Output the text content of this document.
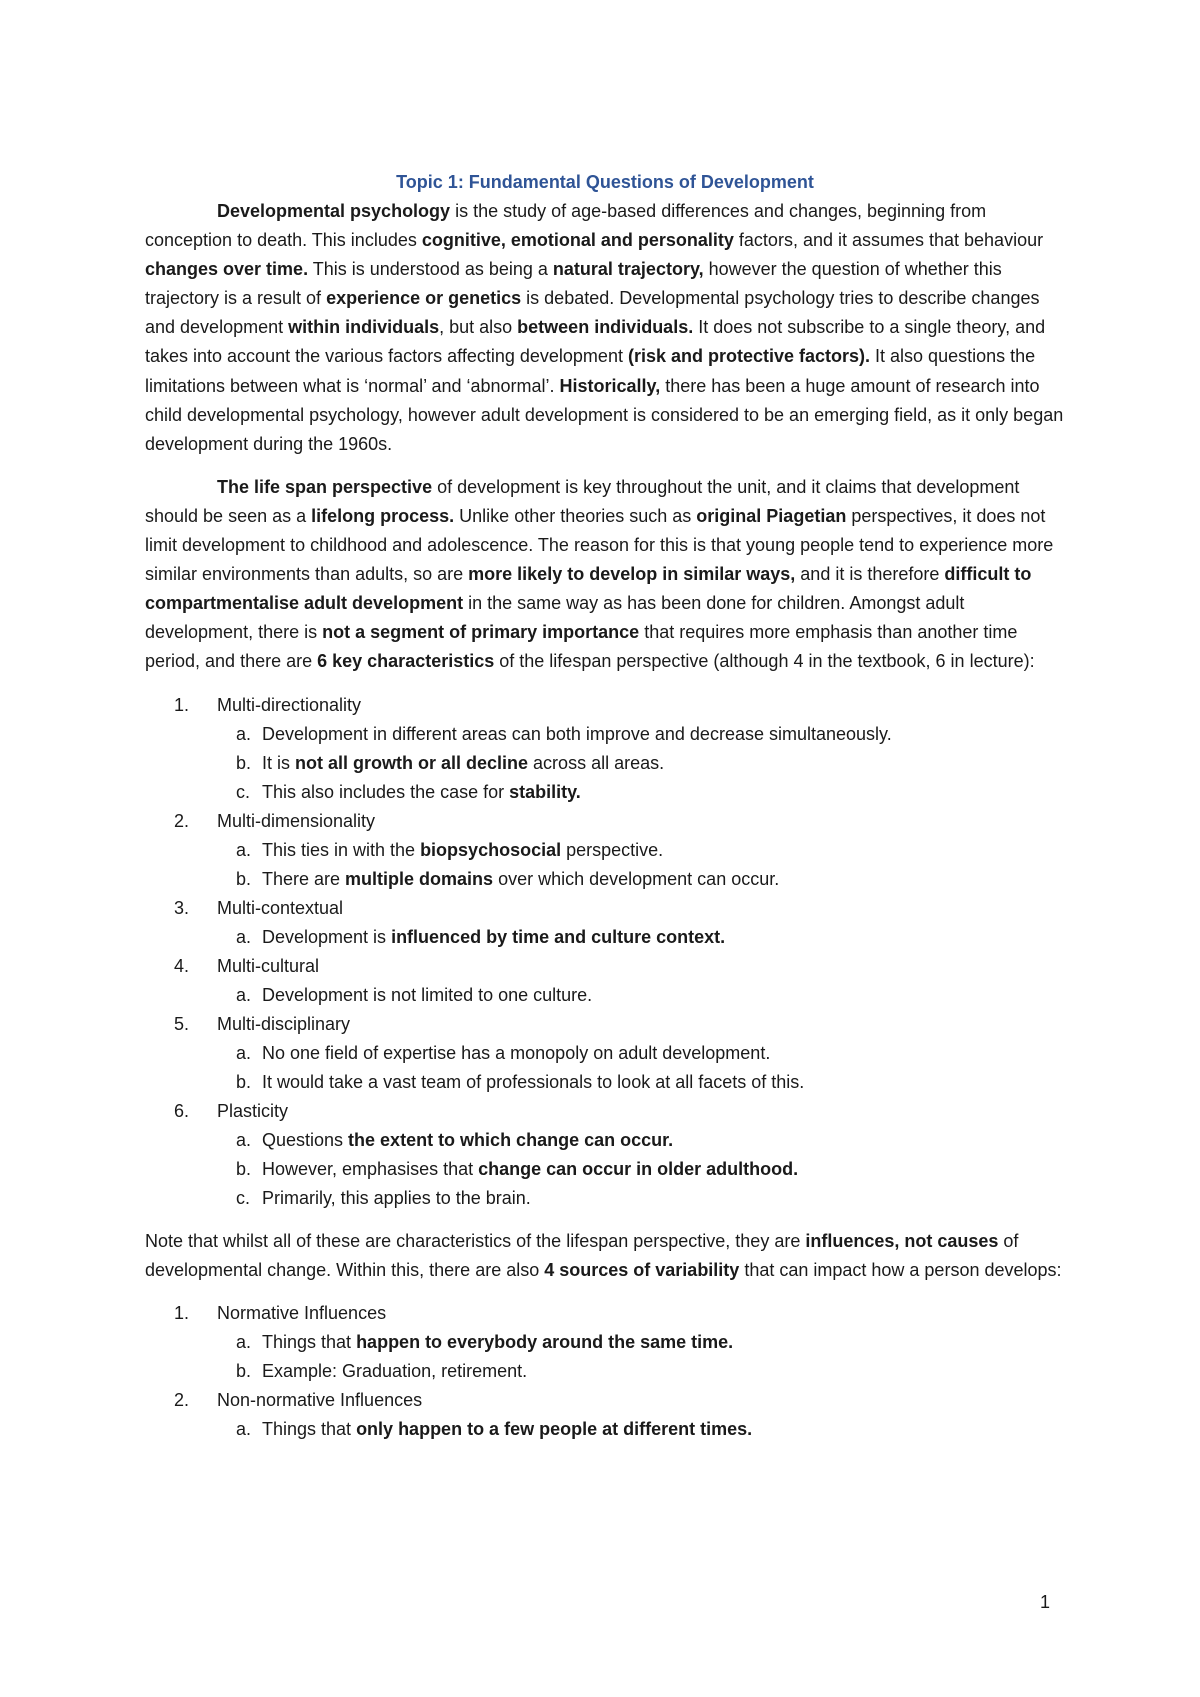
Topic 1: Fundamental Questions of Development

Developmental psychology is the study of age-based differences and changes, beginning from conception to death. This includes cognitive, emotional and personality factors, and it assumes that behaviour changes over time. This is understood as being a natural trajectory, however the question of whether this trajectory is a result of experience or genetics is debated. Developmental psychology tries to describe changes and development within individuals, but also between individuals. It does not subscribe to a single theory, and takes into account the various factors affecting development (risk and protective factors). It also questions the limitations between what is ‘normal’ and ‘abnormal’. Historically, there has been a huge amount of research into child developmental psychology, however adult development is considered to be an emerging field, as it only began development during the 1960s.

The life span perspective of development is key throughout the unit, and it claims that development should be seen as a lifelong process. Unlike other theories such as original Piagetian perspectives, it does not limit development to childhood and adolescence. The reason for this is that young people tend to experience more similar environments than adults, so are more likely to develop in similar ways, and it is therefore difficult to compartmentalise adult development in the same way as has been done for children. Amongst adult development, there is not a segment of primary importance that requires more emphasis than another time period, and there are 6 key characteristics of the lifespan perspective (although 4 in the textbook, 6 in lecture):

1. Multi-directionality
a. Development in different areas can both improve and decrease simultaneously.
b. It is not all growth or all decline across all areas.
c. This also includes the case for stability.
2. Multi-dimensionality
a. This ties in with the biopsychosocial perspective.
b. There are multiple domains over which development can occur.
3. Multi-contextual
a. Development is influenced by time and culture context.
4. Multi-cultural
a. Development is not limited to one culture.
5. Multi-disciplinary
a. No one field of expertise has a monopoly on adult development.
b. It would take a vast team of professionals to look at all facets of this.
6. Plasticity
a. Questions the extent to which change can occur.
b. However, emphasises that change can occur in older adulthood.
c. Primarily, this applies to the brain.

Note that whilst all of these are characteristics of the lifespan perspective, they are influences, not causes of developmental change. Within this, there are also 4 sources of variability that can impact how a person develops:

1. Normative Influences
a. Things that happen to everybody around the same time.
b. Example: Graduation, retirement.
2. Non-normative Influences
a. Things that only happen to a few people at different times.
1
